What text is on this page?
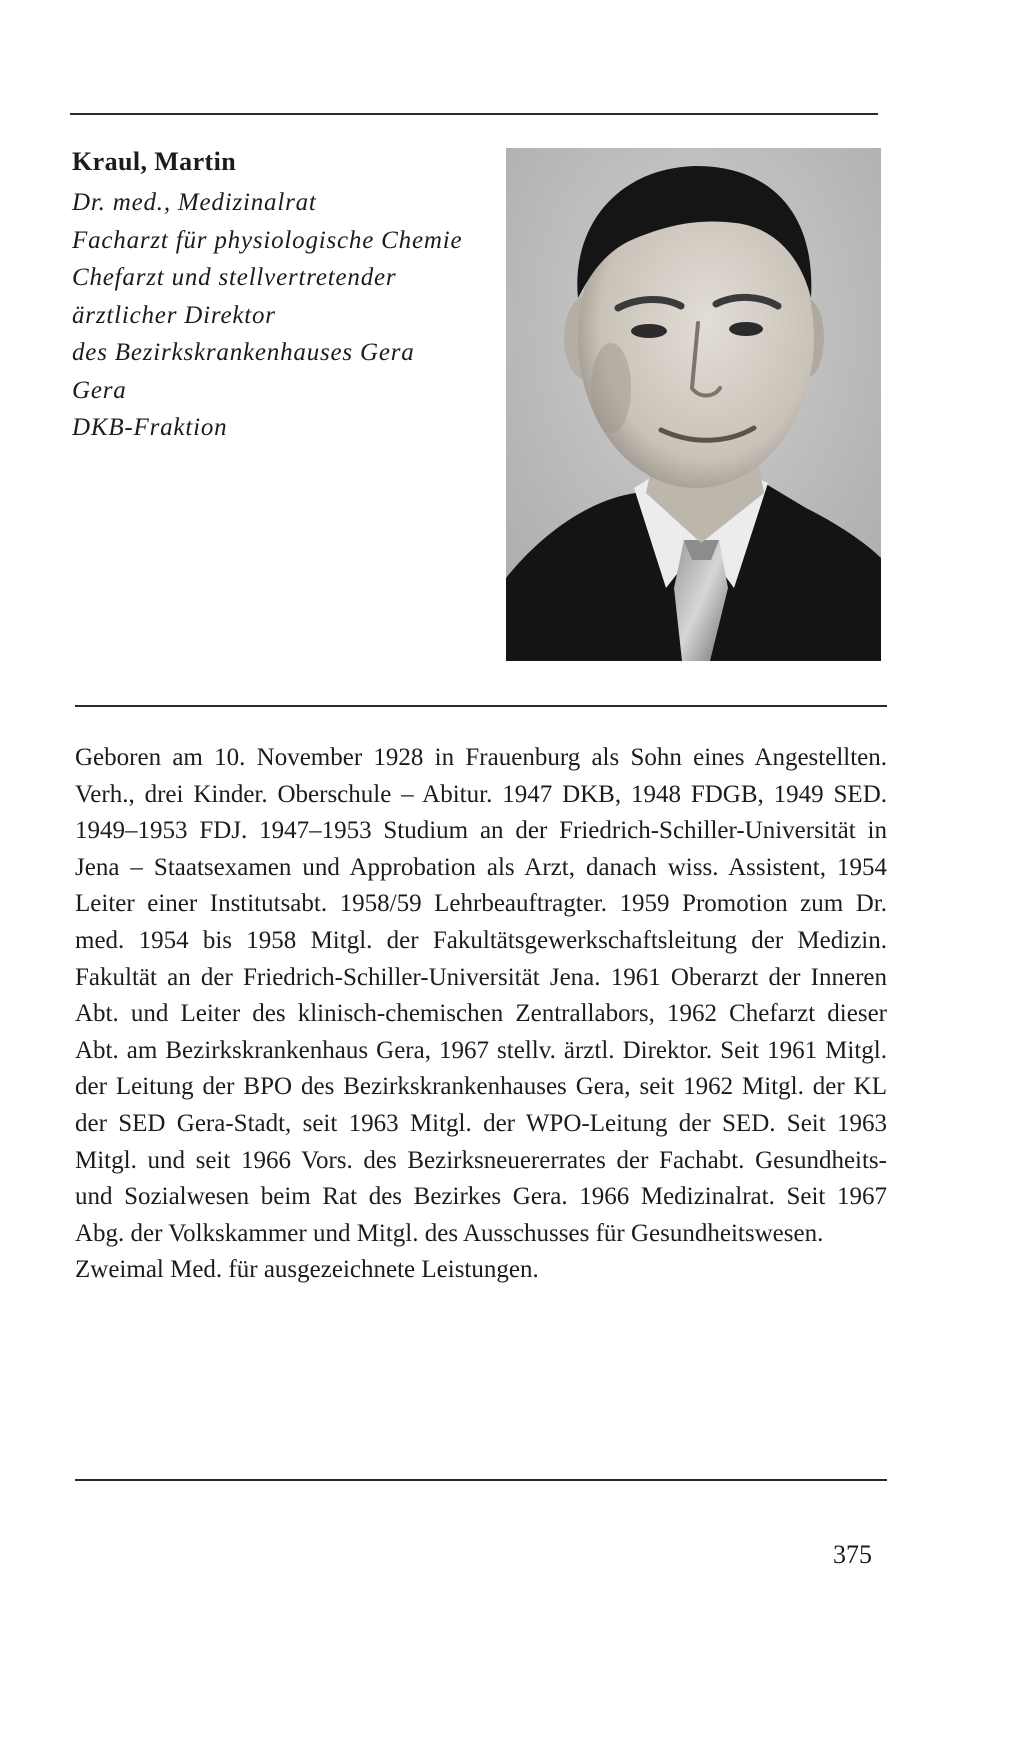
Kraul, Martin

Dr. med., Medizinalrat

Facharzt für physiologische Chemie

Chefarzt und stellvertretender

ärztlicher Direktor

des Bezirkskrankenhauses Gera

Gera

DKB-Fraktion

Geboren am 10. November 1928 in Frauenburg als Sohn eines Angestellten. Verh., drei Kinder. Oberschule – Abitur. 1947 DKB, 1948 FDGB, 1949 SED. 1949–1953 FDJ. 1947–1953 Studium an der Friedrich-Schiller-Universität in Jena – Staatsexamen und Approbation als Arzt, danach wiss. Assistent, 1954 Leiter einer Institutsabt. 1958/59 Lehrbeauftragter. 1959 Promotion zum Dr. med. 1954 bis 1958 Mitgl. der Fakultätsgewerkschaftsleitung der Medizin. Fakultät an der Friedrich-Schiller-Universität Jena. 1961 Oberarzt der Inneren Abt. und Leiter des klinisch-chemischen Zentrallabors, 1962 Chefarzt dieser Abt. am Bezirkskrankenhaus Gera, 1967 stellv. ärztl. Direktor. Seit 1961 Mitgl. der Leitung der BPO des Bezirkskrankenhauses Gera, seit 1962 Mitgl. der KL der SED Gera-Stadt, seit 1963 Mitgl. der WPO-Leitung der SED. Seit 1963 Mitgl. und seit 1966 Vors. des Bezirksneuererrates der Fachabt. Gesundheits- und Sozialwesen beim Rat des Bezirkes Gera. 1966 Medizinalrat. Seit 1967 Abg. der Volkskammer und Mitgl. des Ausschusses für Gesundheitswesen.

Zweimal Med. für ausgezeichnete Leistungen.

375
